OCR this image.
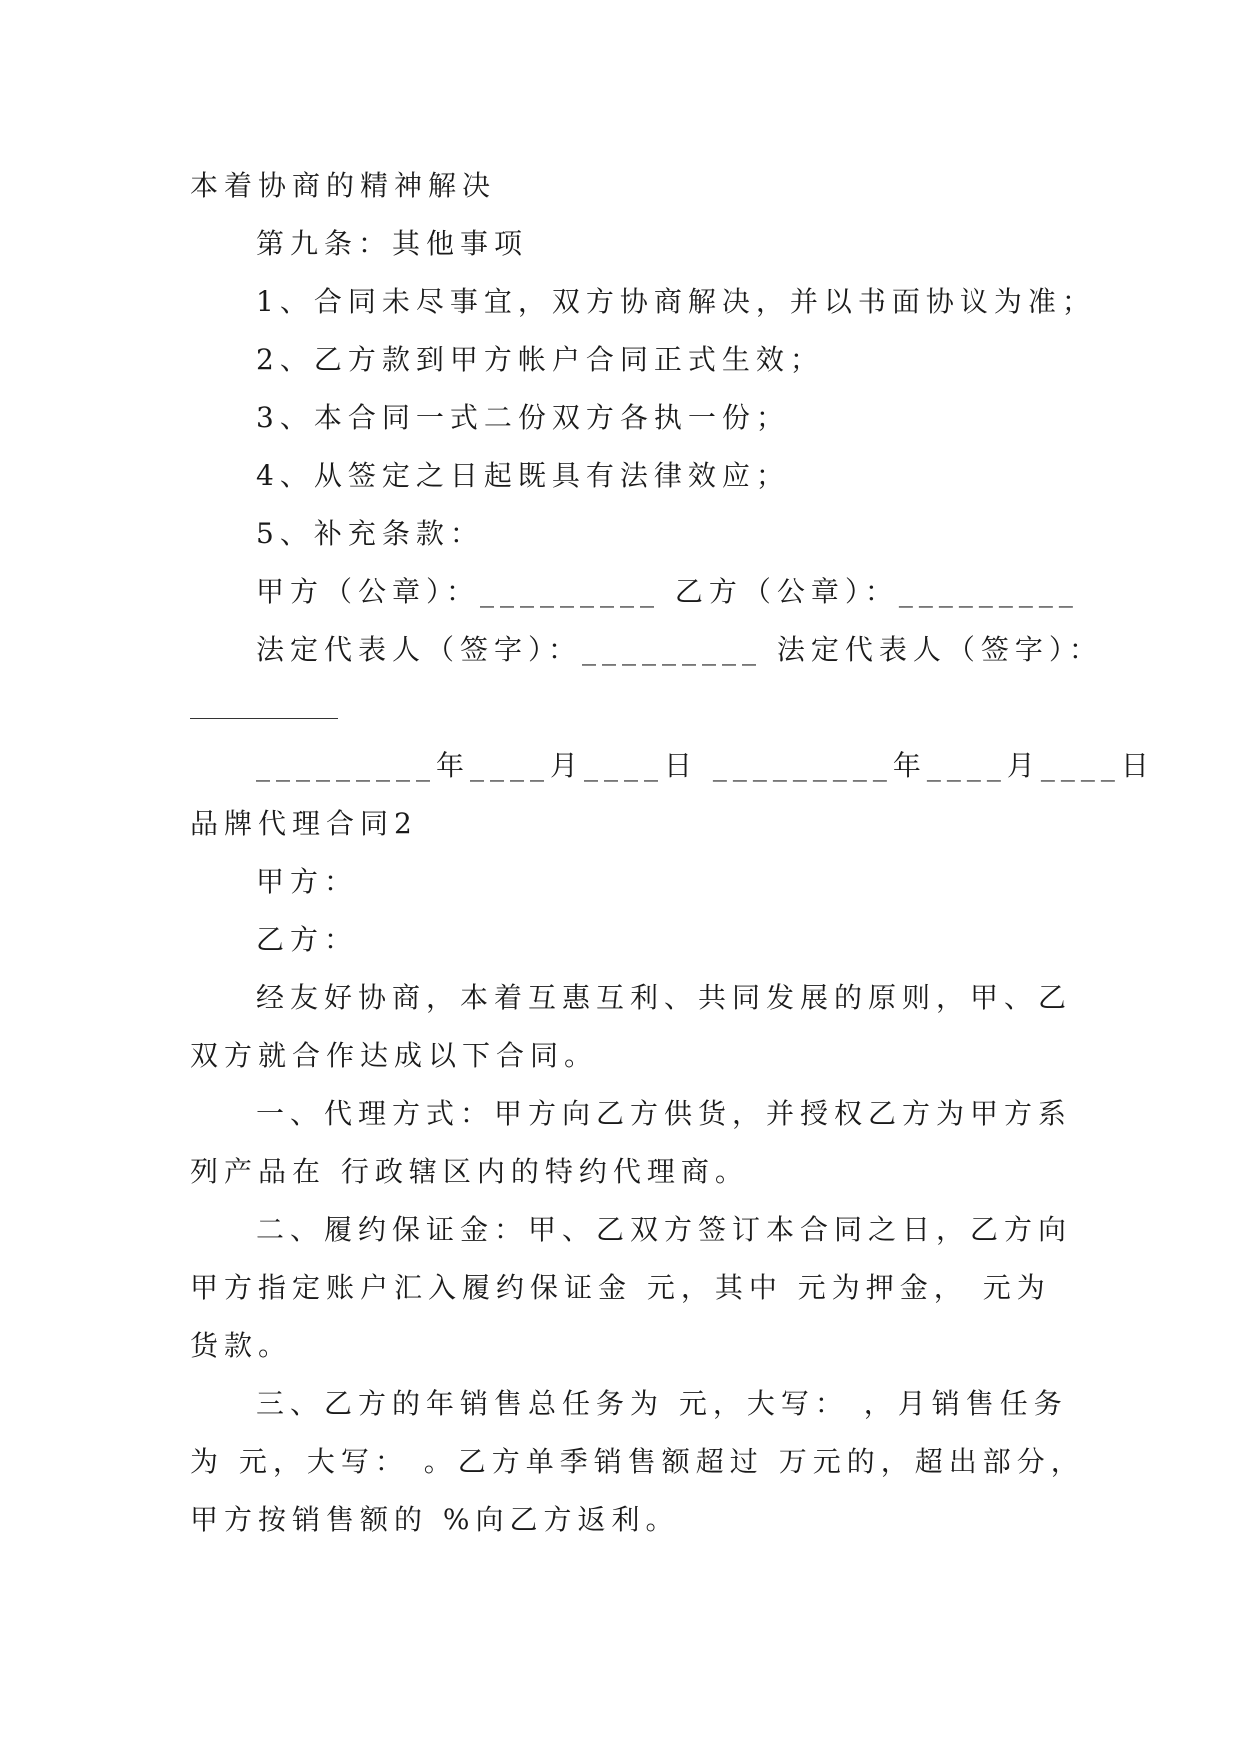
本着协商的精神解决
第九条：其他事项
1、合同未尽事宜，双方协商解决，并以书面协议为准；
2、乙方款到甲方帐户合同正式生效；
3、本合同一式二份双方各执一份；
4、从签定之日起既具有法律效应；
5、补充条款：
甲方（公章）：_________ 乙方（公章）：_________
法定代表人（签字）：_________ 法定代表人（签字）：
_________年____月____日 _________年____月____日
品牌代理合同2
甲方：
乙方：
经友好协商，本着互惠互利、共同发展的原则，甲、乙
双方就合作达成以下合同。
一、代理方式：甲方向乙方供货，并授权乙方为甲方系
列产品在 行政辖区内的特约代理商。
二、履约保证金：甲、乙双方签订本合同之日，乙方向
甲方指定账户汇入履约保证金 元，其中 元为押金， 元为
货款。
三、乙方的年销售总任务为 元，大写： ，月销售任务
为 元，大写： 。乙方单季销售额超过 万元的，超出部分，
甲方按销售额的 %向乙方返利。
